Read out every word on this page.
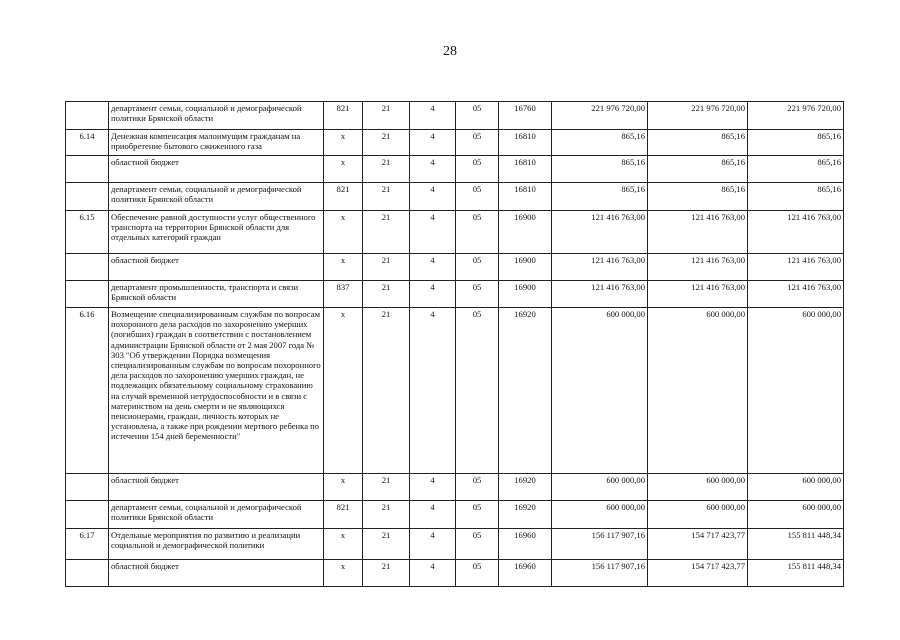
28
	департамент семьи, социальной и демографической политики Брянской области	821	21	4	05	16760	221 976 720,00	221 976 720,00	221 976 720,00
6.14	Денежная компенсация малоимущим гражданам на приобретение бытового сжиженного газа	х	21	4	05	16810	865,16	865,16	865,16
	областной бюджет	х	21	4	05	16810	865,16	865,16	865,16
	департамент семьи, социальной и демографической политики Брянской области	821	21	4	05	16810	865,16	865,16	865,16
6.15	Обеспечение равной доступности услуг общественного транспорта на территории Брянской области для отдельных категорий граждан	х	21	4	05	16900	121 416 763,00	121 416 763,00	121 416 763,00
	областной бюджет	х	21	4	05	16900	121 416 763,00	121 416 763,00	121 416 763,00
	департамент промышленности, транспорта и связи Брянской области	837	21	4	05	16900	121 416 763,00	121 416 763,00	121 416 763,00
6.16	Возмещение специализированным службам по вопросам похоронного дела расходов по захоронению умерших (погибших) граждан в соответствии с постановлением администрации Брянской области от 2 мая 2007 года № 303 "Об утверждении Порядка возмещения специализированным службам по вопросам похоронного дела расходов по захоронению умерших граждан, не подлежащих обязательному социальному страхованию на случай временной нетрудоспособности и в связи с материнством на день смерти и не являющихся пенсионерами, граждан, личность которых не установлена, а также при рождении мертвого ребенка по истечении 154 дней беременности"	х	21	4	05	16920	600 000,00	600 000,00	600 000,00
	областной бюджет	х	21	4	05	16920	600 000,00	600 000,00	600 000,00
	департамент семьи, социальной и демографической политики Брянской области	821	21	4	05	16920	600 000,00	600 000,00	600 000,00
6.17	Отдельные мероприятия по развитию и реализации социальной и демографической политики	х	21	4	05	16960	156 117 907,16	154 717 423,77	155 811 448,34
	областной бюджет	х	21	4	05	16960	156 117 907,16	154 717 423,77	155 811 448,34
